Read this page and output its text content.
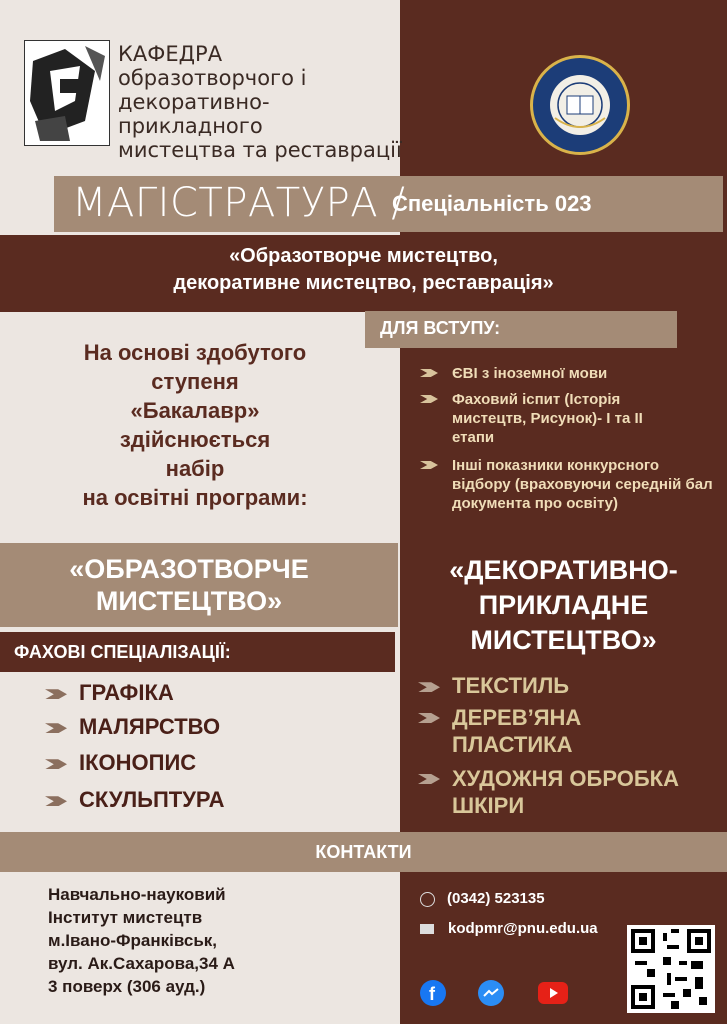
КАФЕДРА
образотворчого і
декоративно-прикладного
мистецтва та реставрації
МАГІСТРАТУРА /
Спеціальність 023
«Образотворче мистецтво,
декоративне мистецтво, реставрація»
ДЛЯ ВСТУПУ:
На основі здобутого
ступеня
«Бакалавр»
здійснюється
набір
на освітні програми:
ЄВІ з іноземної мови
Фаховий іспит (Історія мистецтв, Рисунок)- І та ІІ етапи
Інші показники конкурсного відбору (враховуючи середній бал документа про освіту)
«ОБРАЗОТВОРЧЕ
МИСТЕЦТВО»
«ДЕКОРАТИВНО-
ПРИКЛАДНЕ
МИСТЕЦТВО»
ФАХОВІ СПЕЦІАЛІЗАЦІЇ:
ГРАФІКА
МАЛЯРСТВО
ІКОНОПИС
СКУЛЬПТУРА
ТЕКСТИЛЬ
ДЕРЕВ’ЯНА ПЛАСТИКА
ХУДОЖНЯ ОБРОБКА ШКІРИ
КОНТАКТИ
Навчально-науковий
Інститут мистецтв
м.Івано-Франківськ,
вул. Ак.Сахарова,34 А
3 поверх (306 ауд.)
(0342) 523135
kodpmr@pnu.edu.ua
f
